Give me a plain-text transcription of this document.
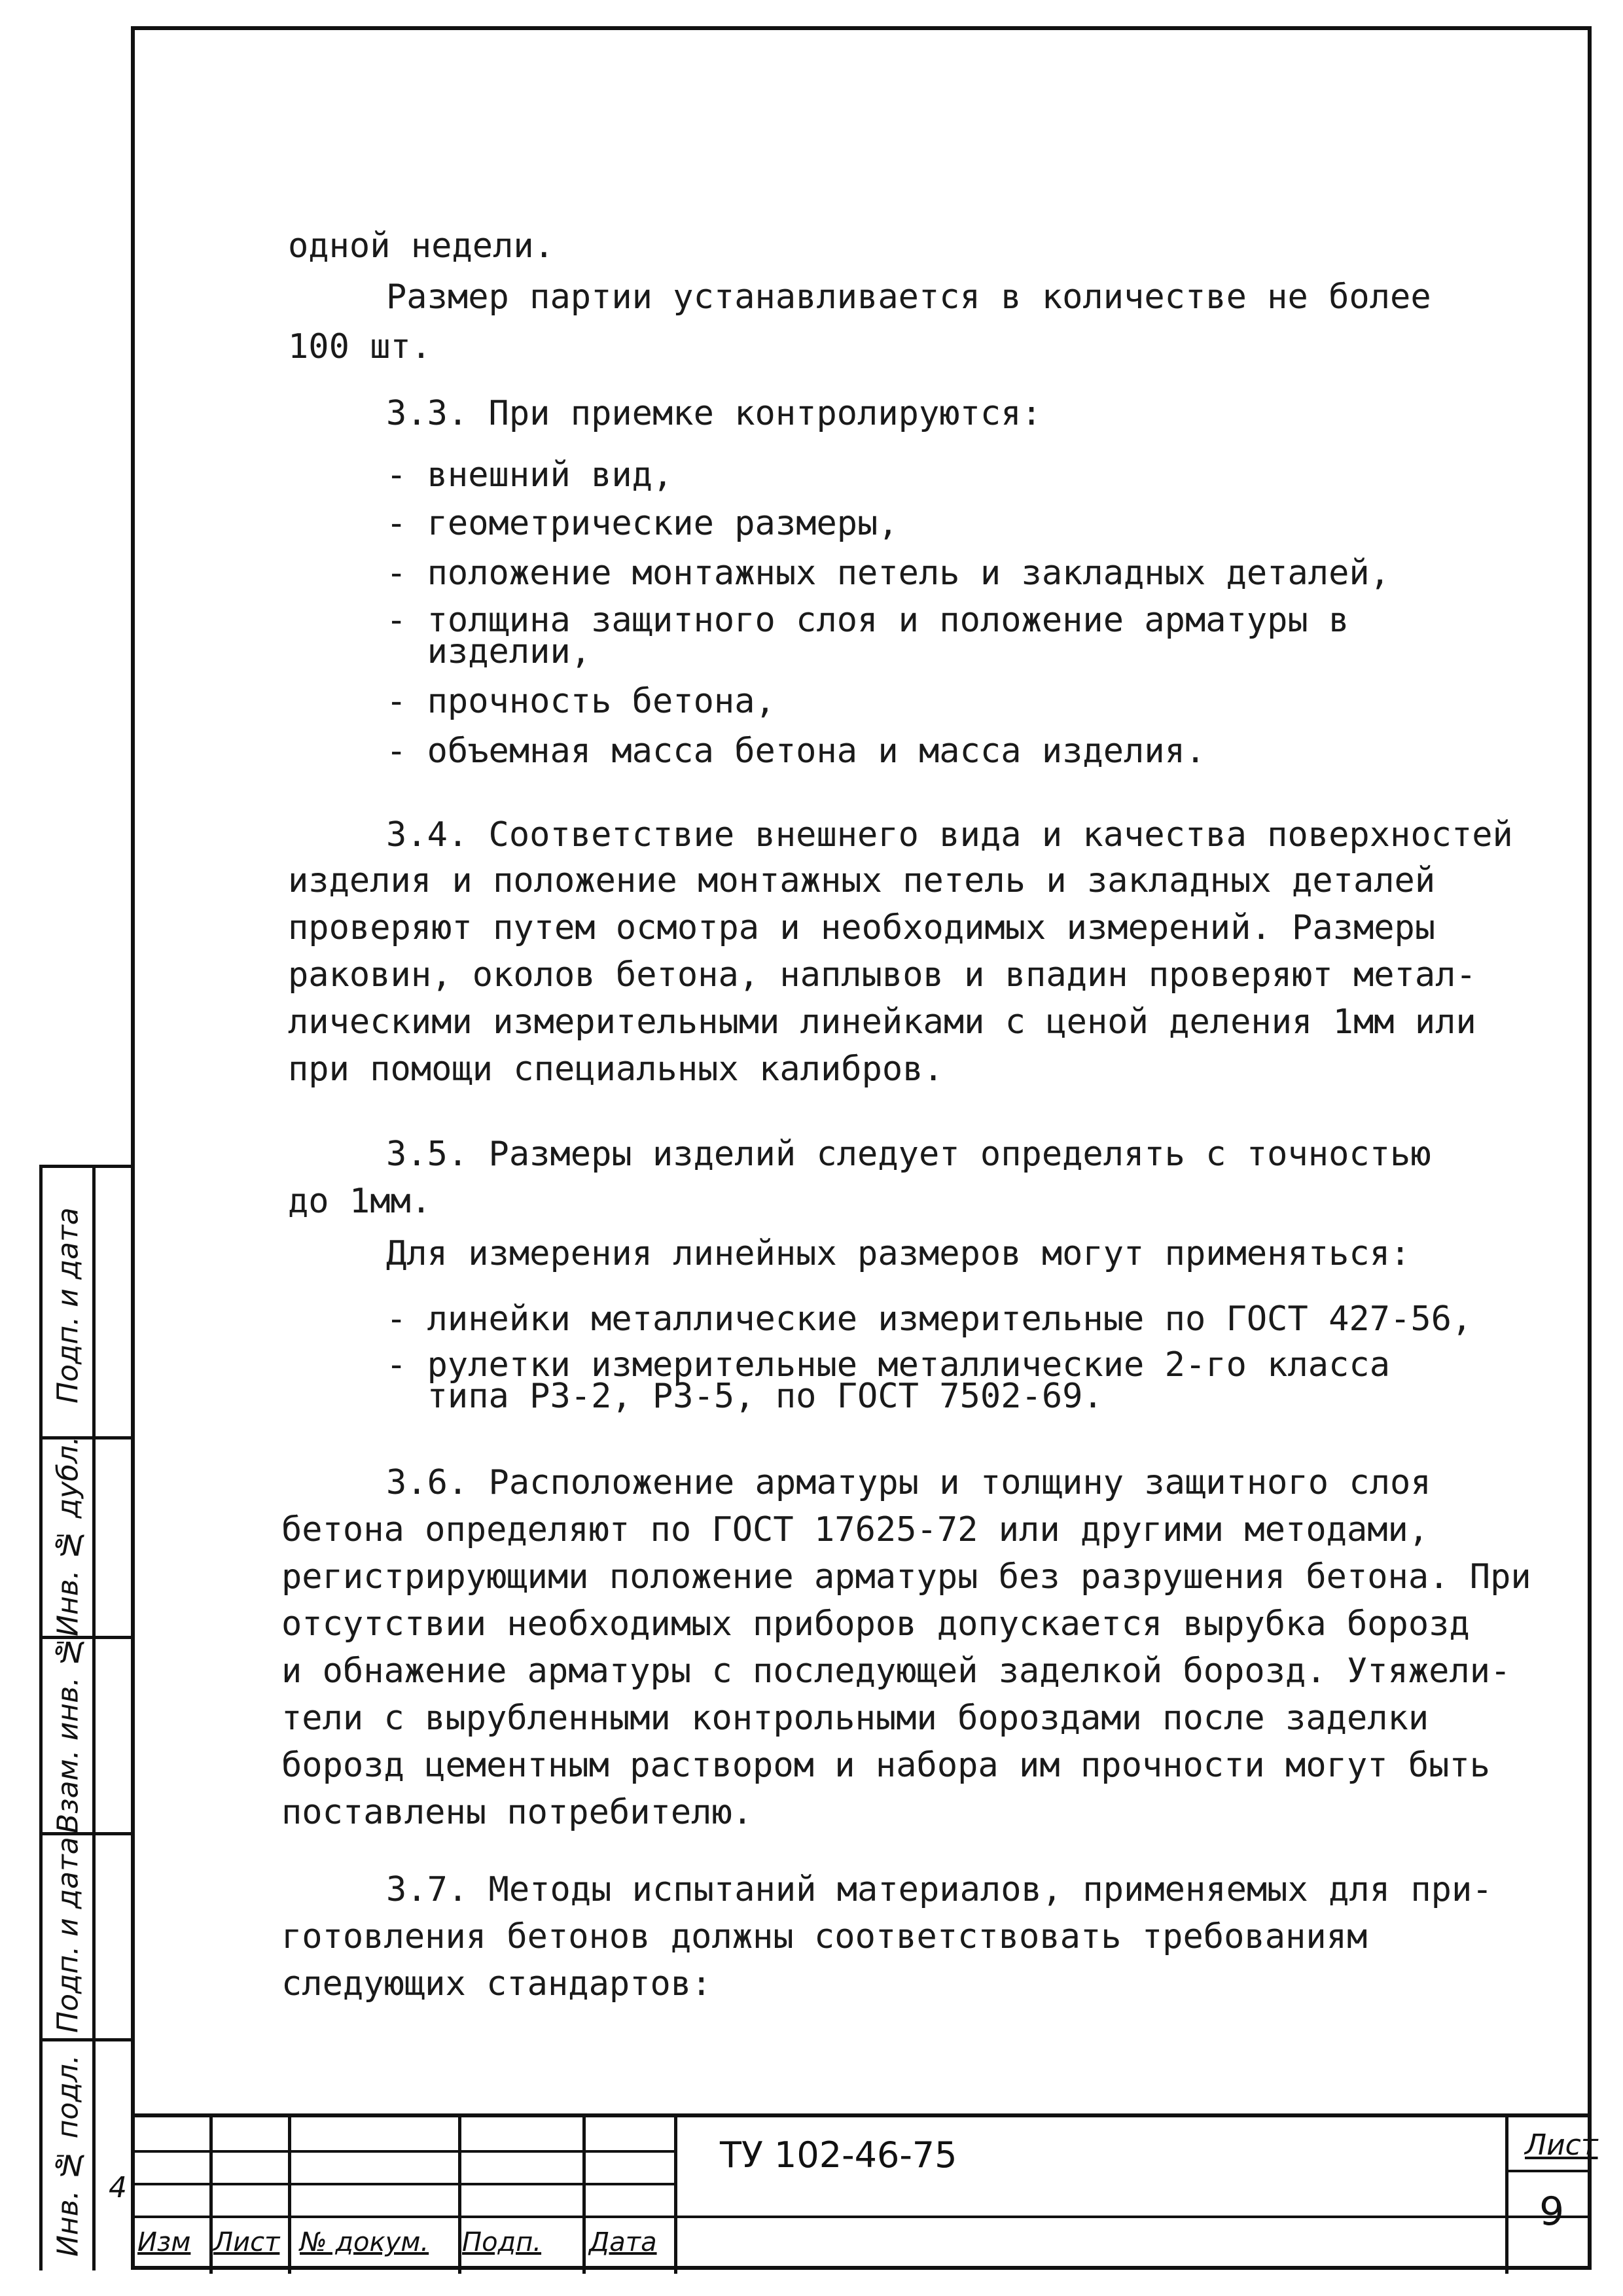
одной недели.
Размер партии устанавливается в количестве не более
100 шт.
3.3. При приемке контролируются:
- внешний вид,
- геометрические размеры,
- положение монтажных петель и закладных деталей,
- толщина защитного слоя и положение арматуры в
изделии,
- прочность бетона,
- объемная масса бетона и масса изделия.
3.4. Соответствие внешнего вида и качества поверхностей
изделия и положение монтажных петель и закладных деталей
проверяют путем осмотра и необходимых измерений. Размеры
раковин, околов бетона, наплывов и впадин проверяют метал-
лическими измерительными линейками с ценой деления 1мм или
при помощи специальных калибров.
3.5. Размеры изделий следует определять с точностью
до 1мм.
Для измерения линейных размеров могут применяться:
- линейки металлические измерительные по ГОСТ 427-56,
- рулетки измерительные металлические 2-го класса
типа РЗ-2, РЗ-5, по ГОСТ 7502-69.
3.6. Расположение арматуры и толщину защитного слоя
бетона определяют по ГОСТ 17625-72 или другими методами,
регистрирующими положение арматуры без разрушения бетона. При
отсутствии необходимых приборов допускается вырубка борозд
и обнажение арматуры с последующей заделкой борозд. Утяжели-
тели с вырубленными контрольными бороздами после заделки
борозд цементным раствором и набора им прочности могут быть
поставлены потребителю.
3.7. Методы испытаний материалов, применяемых для при-
готовления бетонов должны соответствовать требованиям
следующих стандартов:
Подп. и дата
Инв. № дубл.
Взам. инв. №
Подп. и дата
Инв. № подл. 4
Изм Лист № докум. Подп. Дата
ТУ 102-46-75	Лист
9
